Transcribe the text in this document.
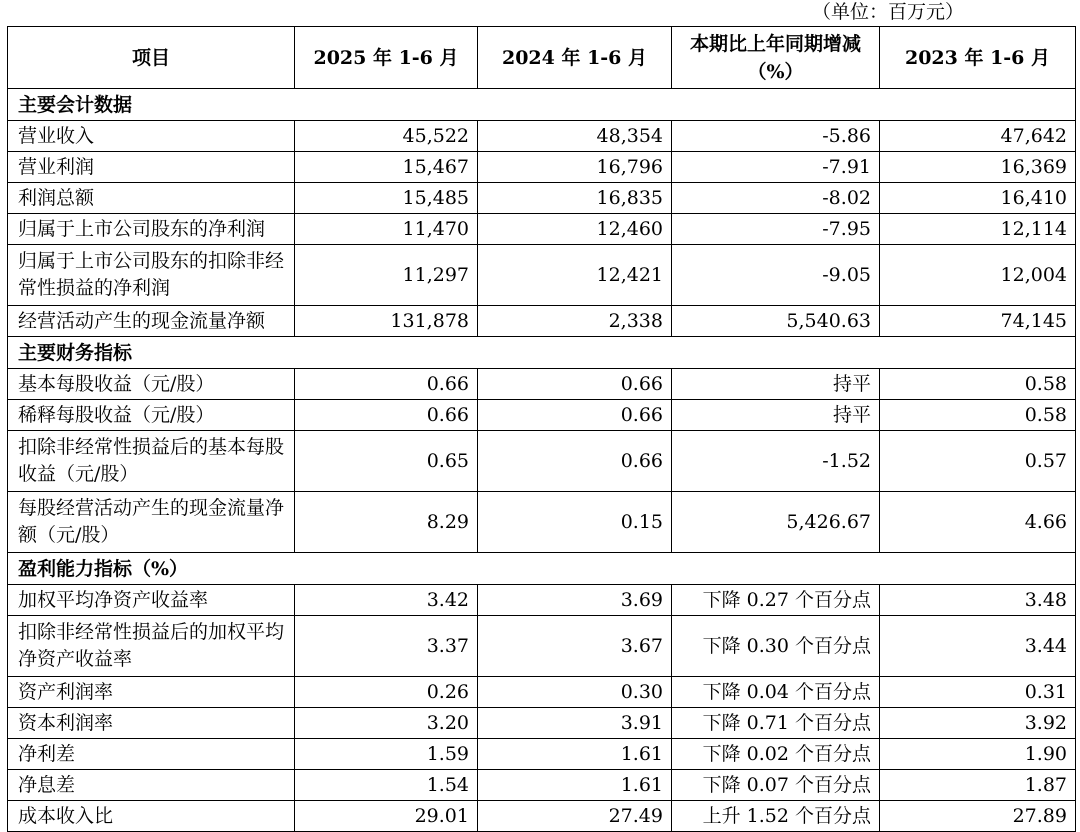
（单位：百万元）
项目	2025 年 1-6 月	2024 年 1-6 月	本期比上年同期增减（%）	2023 年 1-6 月
主要会计数据				
营业收入	45,522	48,354	-5.86	47,642
营业利润	15,467	16,796	-7.91	16,369
利润总额	15,485	16,835	-8.02	16,410
归属于上市公司股东的净利润	11,470	12,460	-7.95	12,114
归属于上市公司股东的扣除非经常性损益的净利润	11,297	12,421	-9.05	12,004
经营活动产生的现金流量净额	131,878	2,338	5,540.63	74,145
主要财务指标				
基本每股收益（元/股）	0.66	0.66	持平	0.58
稀释每股收益（元/股）	0.66	0.66	持平	0.58
扣除非经常性损益后的基本每股收益（元/股）	0.65	0.66	-1.52	0.57
每股经营活动产生的现金流量净额（元/股）	8.29	0.15	5,426.67	4.66
盈利能力指标（%）				
加权平均净资产收益率	3.42	3.69	下降 0.27 个百分点	3.48
扣除非经常性损益后的加权平均净资产收益率	3.37	3.67	下降 0.30 个百分点	3.44
资产利润率	0.26	0.30	下降 0.04 个百分点	0.31
资本利润率	3.20	3.91	下降 0.71 个百分点	3.92
净利差	1.59	1.61	下降 0.02 个百分点	1.90
净息差	1.54	1.61	下降 0.07 个百分点	1.87
成本收入比	29.01	27.49	上升 1.52 个百分点	27.89
